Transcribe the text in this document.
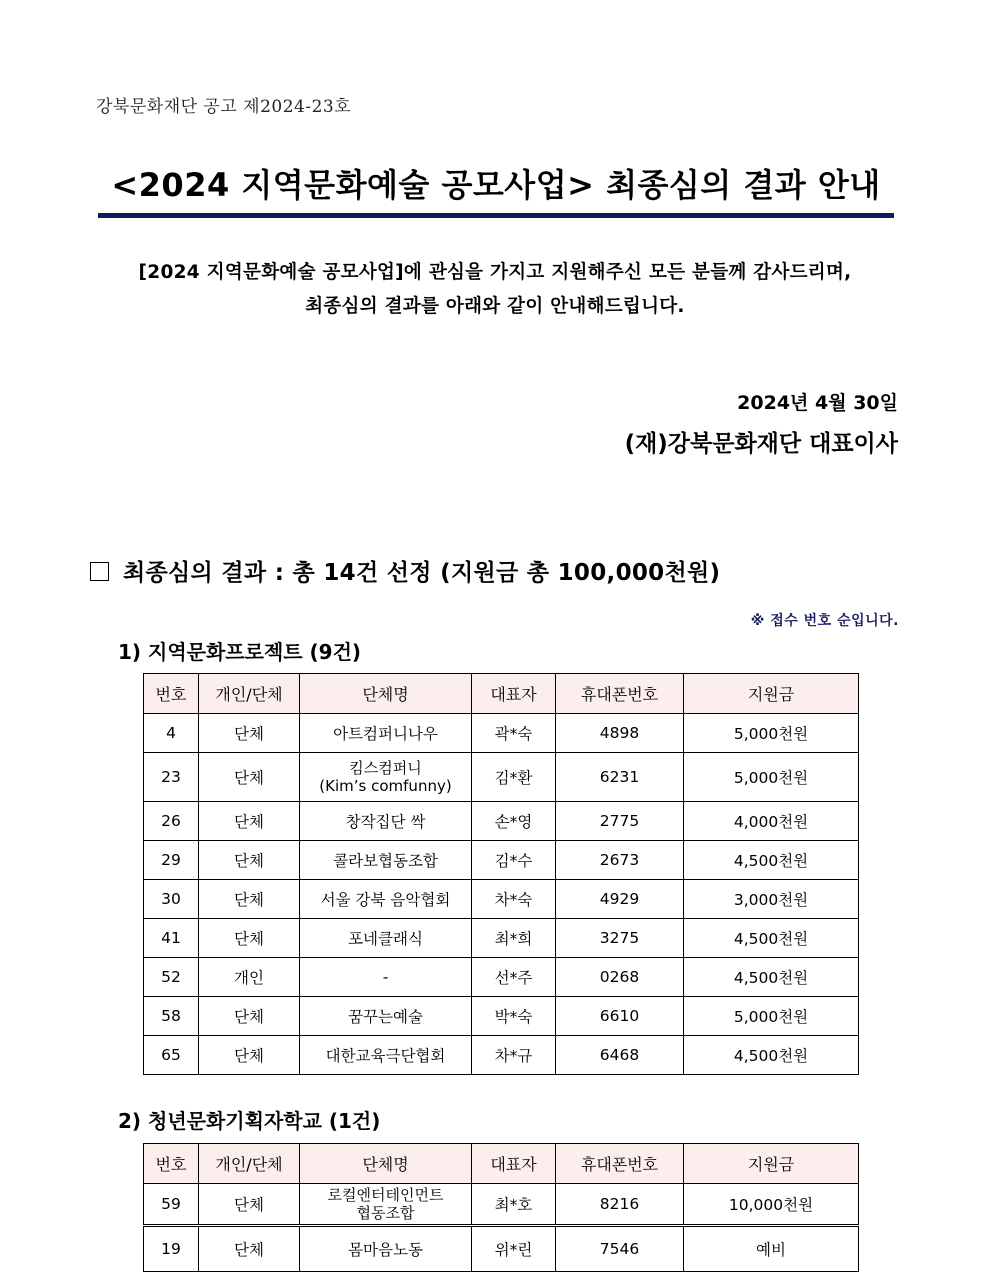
강북문화재단 공고 제2024-23호
<2024 지역문화예술 공모사업> 최종심의 결과 안내
[2024 지역문화예술 공모사업]에 관심을 가지고 지원해주신 모든 분들께 감사드리며,
최종심의 결과를 아래와 같이 안내해드립니다.
2024년 4월 30일
(재)강북문화재단 대표이사
최종심의 결과 : 총 14건 선정 (지원금 총 100,000천원)
※ 접수 번호 순입니다.
1) 지역문화프로젝트 (9건)
번호	개인/단체	단체명	대표자	휴대폰번호	지원금
4	단체	아트컴퍼니나우	곽*숙	4898	5,000천원
23	단체	킴스컴퍼니
(Kim’s comfunny)	김*환	6231	5,000천원
26	단체	창작집단 싹	손*영	2775	4,000천원
29	단체	콜라보협동조합	김*수	2673	4,500천원
30	단체	서울 강북 음악협회	차*숙	4929	3,000천원
41	단체	포네클래식	최*희	3275	4,500천원
52	개인	-	선*주	0268	4,500천원
58	단체	꿈꾸는예술	박*숙	6610	5,000천원
65	단체	대한교육극단협회	차*규	6468	4,500천원
2) 청년문화기획자학교 (1건)
번호	개인/단체	단체명	대표자	휴대폰번호	지원금
59	단체	로컬엔터테인먼트
협동조합	최*호	8216	10,000천원
19	단체	몸마음노동	위*린	7546	예비
